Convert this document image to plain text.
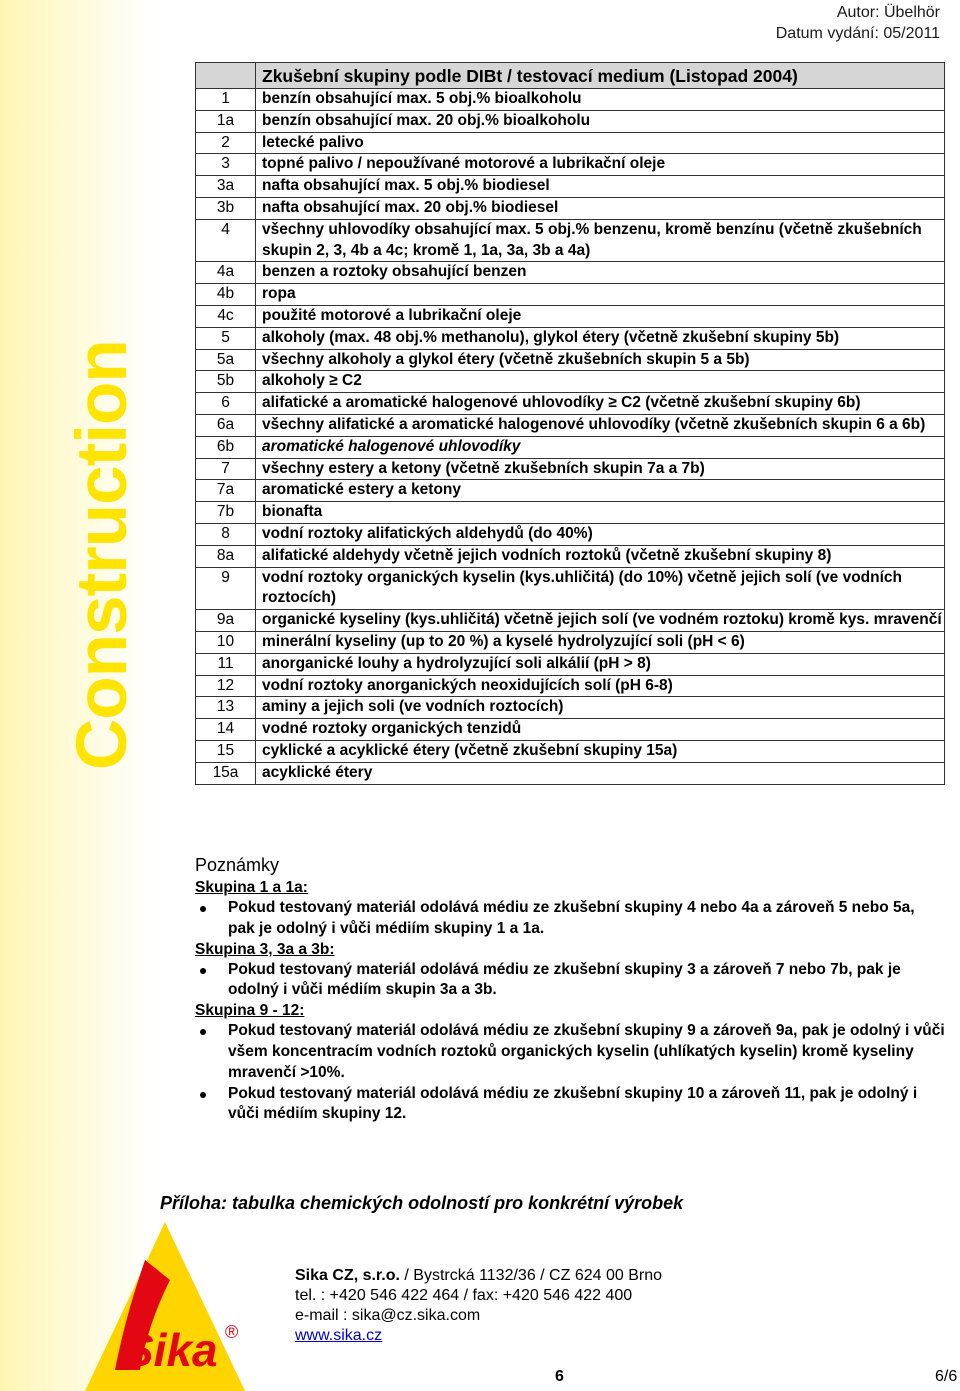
Construction
Autor: Übelhör
Datum vydání: 05/2011
	Zkušební skupiny podle DIBt / testovací medium (Listopad 2004)
1	benzín obsahující max. 5 obj.% bioalkoholu
1a	benzín obsahující max. 20 obj.% bioalkoholu
2	letecké palivo
3	topné palivo / nepoužívané motorové a lubrikační oleje
3a	nafta obsahující max. 5 obj.% biodiesel
3b	nafta obsahující max. 20 obj.% biodiesel
4	všechny uhlovodíky obsahující max. 5 obj.% benzenu, kromě benzínu (včetně zkušebních skupin 2, 3, 4b a 4c; kromě 1, 1a, 3a, 3b a 4a)
4a	benzen a roztoky obsahující benzen
4b	ropa
4c	použité motorové a lubrikační oleje
5	alkoholy (max. 48 obj.% methanolu), glykol étery (včetně zkušební skupiny 5b)
5a	všechny alkoholy a glykol étery (včetně zkušebních skupin 5 a 5b)
5b	alkoholy ≥ C2
6	alifatické a aromatické halogenové uhlovodíky ≥ C2 (včetně zkušební skupiny 6b)
6a	všechny alifatické a aromatické halogenové uhlovodíky (včetně zkušebních skupin 6 a 6b)
6b	aromatické halogenové uhlovodíky
7	všechny estery a ketony (včetně zkušebních skupin 7a a 7b)
7a	aromatické estery a ketony
7b	bionafta
8	vodní roztoky alifatických aldehydů (do 40%)
8a	alifatické aldehydy včetně jejich vodních roztoků (včetně zkušební skupiny 8)
9	vodní roztoky organických kyselin (kys.uhličitá) (do 10%) včetně jejich solí (ve vodních roztocích)
9a	organické kyseliny (kys.uhličitá) včetně jejich solí (ve vodném roztoku) kromě kys. mravenčí
10	minerální kyseliny (up to 20 %) a kyselé hydrolyzující soli (pH < 6)
11	anorganické louhy a hydrolyzující soli alkálií (pH > 8)
12	vodní roztoky anorganických neoxidujících solí (pH 6-8)
13	aminy a jejich soli (ve vodních roztocích)
14	vodné roztoky organických tenzidů
15	cyklické a acyklické étery (včetně zkušební skupiny 15a)
15a	acyklické étery
Poznámky
Skupina 1 a 1a:
Pokud testovaný materiál odolává médiu ze zkušební skupiny 4 nebo 4a a zároveň 5 nebo 5a, pak je odolný i vůči médiím skupiny 1 a 1a.
Skupina 3, 3a a 3b:
Pokud testovaný materiál odolává médiu ze zkušební skupiny 3 a zároveň 7 nebo 7b, pak je odolný i vůči médiím skupin 3a a 3b.
Skupina 9 - 12:
Pokud testovaný materiál odolává médiu ze zkušební skupiny 9 a zároveň 9a, pak je odolný i vůči všem koncentracím vodních roztoků organických kyselin (uhlíkatých kyselin) kromě kyseliny mravenčí >10%.
Pokud testovaný materiál odolává médiu ze zkušební skupiny 10 a zároveň 11, pak je odolný i vůči médiím skupiny 12.
Příloha: tabulka chemických odolností pro konkrétní výrobek
Sika ®
Sika CZ, s.r.o. / Bystrcká 1132/36 / CZ 624 00 Brno
tel. : +420 546 422 464 / fax: +420 546 422 400
e-mail : sika@cz.sika.com
www.sika.cz
6	6/6
